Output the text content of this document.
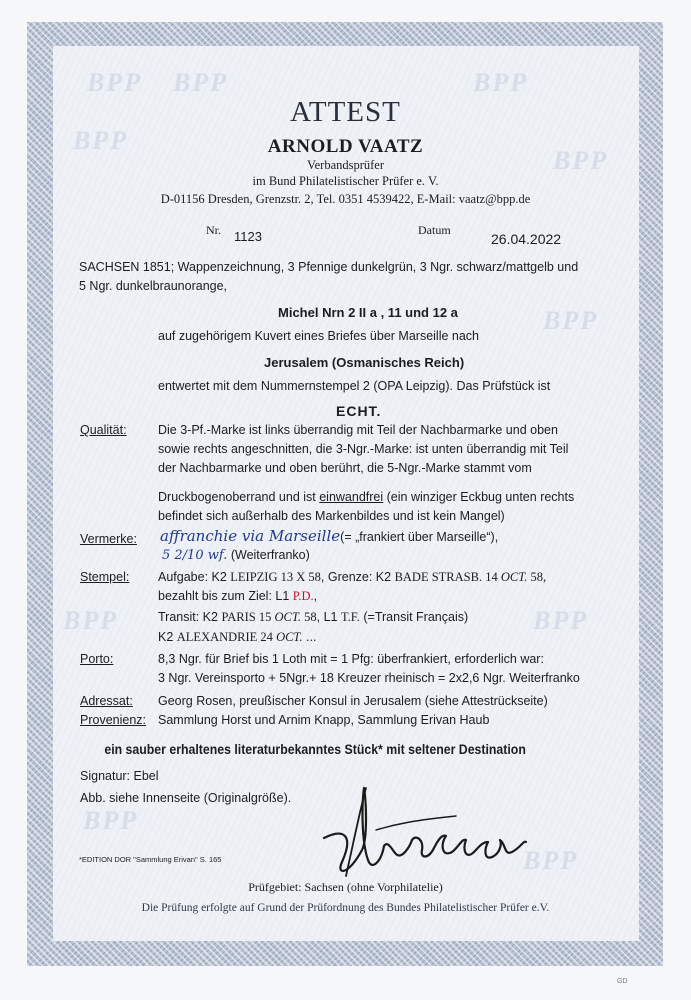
BPP BPP	BPP
BPP
BPP
BPP
BPP	BPP
BPP
BPP
ATTEST
ARNOLD VAATZ
Verbandsprüfer
im Bund Philatelistischer Prüfer e. V.
D-01156 Dresden, Grenzstr. 2, Tel. 0351 4539422, E-Mail: vaatz@bpp.de
Nr. 1123	Datum
26.04.2022
SACHSEN 1851; Wappenzeichnung, 3 Pfennige dunkelgrün, 3 Ngr. schwarz/mattgelb und
5 Ngr. dunkelbraunorange,
Michel Nrn 2 II a , 11 und 12 a
auf zugehörigem Kuvert eines Briefes über Marseille nach
Jerusalem (Osmanisches Reich)
entwertet mit dem Nummernstempel 2 (OPA Leipzig). Das Prüfstück ist
ECHT.
Qualität:	Die 3-Pf.-Marke ist links überrandig mit Teil der Nachbarmarke und oben
sowie rechts angeschnitten, die 3-Ngr.-Marke: ist unten überrandig mit Teil
der Nachbarmarke und oben berührt, die 5-Ngr.-Marke stammt vom
Druckbogenoberrand und ist einwandfrei (ein winziger Eckbug unten rechts
befindet sich außerhalb des Markenbildes und ist kein Mangel)
Vermerke: affranchie via Marseille(= „frankiert über Marseille“),
5 2/10 wf. (Weiterfranko)
Stempel: Aufgabe: K2 LEIPZIG 13 X 58, Grenze: K2 BADE STRASB. 14 OCT. 58,
bezahlt bis zum Ziel: L1 P.D.,
Transit: K2 PARIS 15 OCT. 58, L1 T.F. (=Transit Français)
K2 ALEXANDRIE 24 OCT. ...
Porto:	8,3 Ngr. für Brief bis 1 Loth mit = 1 Pfg: überfrankiert, erforderlich war:
3 Ngr. Vereinsporto + 5Ngr.+ 18 Kreuzer rheinisch = 2x2,6 Ngr. Weiterfranko
Adressat: Georg Rosen, preußischer Konsul in Jerusalem (siehe Attestrückseite)
Provenienz: Sammlung Horst und Arnim Knapp, Sammlung Erivan Haub
ein sauber erhaltenes literaturbekanntes Stück* mit seltener Destination
Signatur: Ebel
Abb. siehe Innenseite (Originalgröße).
*EDITION DOR "Sammlung Erivan" S. 165
Prüfgebiet: Sachsen (ohne Vorphilatelie)
Die Prüfung erfolgte auf Grund der Prüfordnung des Bundes Philatelistischer Prüfer e.V.
GD
